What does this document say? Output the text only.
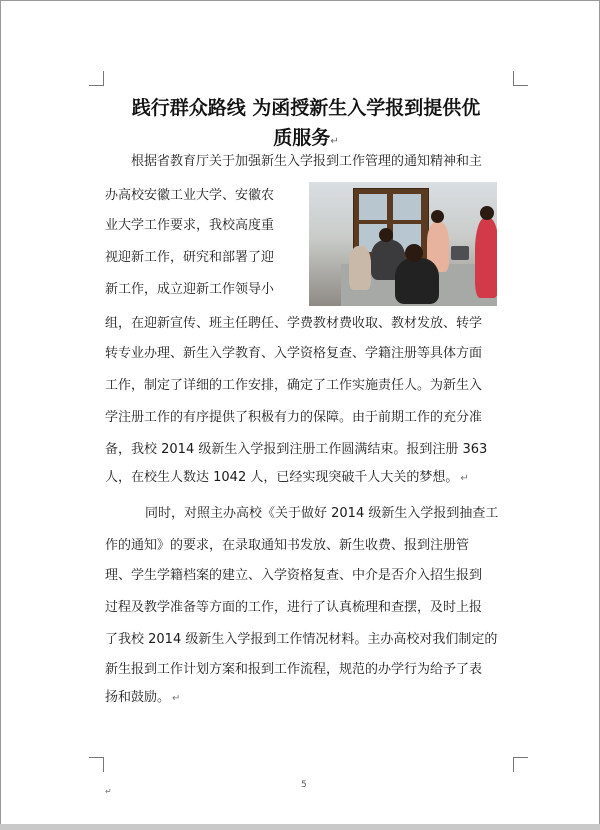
践行群众路线 为函授新生入学报到提供优
质服务↵
根据省教育厅关于加强新生入学报到工作管理的通知精神和主
办高校安徽工业大学、安徽农
业大学工作要求，我校高度重
视迎新工作，研究和部署了迎
新工作，成立迎新工作领导小
组，在迎新宣传、班主任聘任、学费教材费收取、教材发放、转学
转专业办理、新生入学教育、入学资格复查、学籍注册等具体方面
工作，制定了详细的工作安排，确定了工作实施责任人。为新生入
学注册工作的有序提供了积极有力的保障。由于前期工作的充分准
备，我校 2014 级新生入学报到注册工作圆满结束。报到注册 363
人，在校生人数达 1042 人，已经实现突破千人大关的梦想。 ↵
同时，对照主办高校《关于做好 2014 级新生入学报到抽查工
作的通知》的要求，在录取通知书发放、新生收费、报到注册管
理、学生学籍档案的建立、入学资格复查、中介是否介入招生报到
过程及教学准备等方面的工作，进行了认真梳理和查摆，及时上报
了我校 2014 级新生入学报到工作情况材料。主办高校对我们制定的
新生报到工作计划方案和报到工作流程，规范的办学行为给予了表
扬和鼓励。 ↵
5
↵
